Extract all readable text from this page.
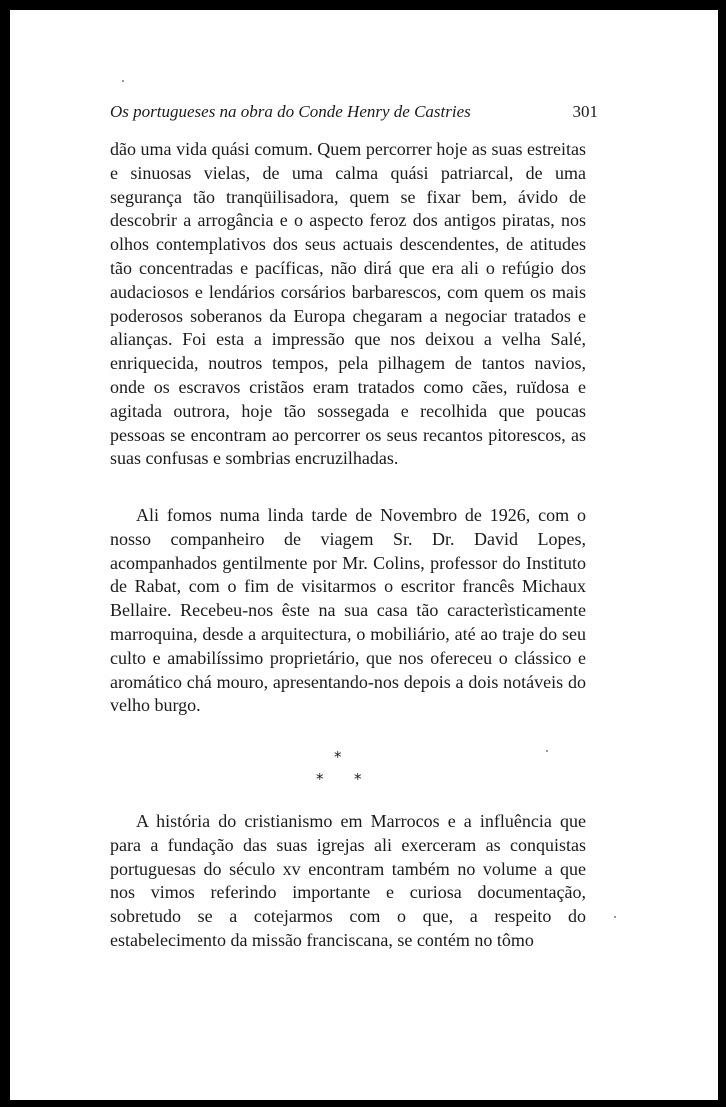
Os portugueses na obra do Conde Henry de Castries	301

dão uma vida quási comum. Quem percorrer hoje as suas estreitas e sinuosas vielas, de uma calma quási patriarcal, de uma segurança tão tranqüilisadora, quem se fixar bem, ávido de descobrir a arrogância e o aspecto feroz dos antigos piratas, nos olhos contemplativos dos seus actuais descendentes, de atitudes tão concentradas e pacíficas, não dirá que era ali o refúgio dos audaciosos e lendários corsários barbarescos, com quem os mais poderosos soberanos da Europa chegaram a negociar tratados e alianças. Foi esta a impressão que nos deixou a velha Salé, enriquecida, noutros tempos, pela pilhagem de tantos navios, onde os escravos cristãos eram tratados como cães, ruïdosa e agitada outrora, hoje tão sossegada e recolhida que poucas pessoas se encontram ao percorrer os seus recantos pitorescos, as suas confusas e sombrias encruzilhadas.

Ali fomos numa linda tarde de Novembro de 1926, com o nosso companheiro de viagem Sr. Dr. David Lopes, acompanhados gentilmente por Mr. Colins, professor do Instituto de Rabat, com o fim de visitarmos o escritor francês Michaux Bellaire. Recebeu-nos êste na sua casa tão caracterìsticamente marroquina, desde a arquitectura, o mobiliário, até ao traje do seu culto e amabilíssimo proprietário, que nos ofereceu o clássico e aromático chá mouro, apresentando-nos depois a dois notáveis do velho burgo.

*
* *

A história do cristianismo em Marrocos e a influência que para a fundação das suas igrejas ali exerceram as conquistas portuguesas do século xv encontram também no volume a que nos vimos referindo importante e curiosa documentação, sobretudo se a cotejarmos com o que, a respeito do estabelecimento da missão franciscana, se contém no tômo
